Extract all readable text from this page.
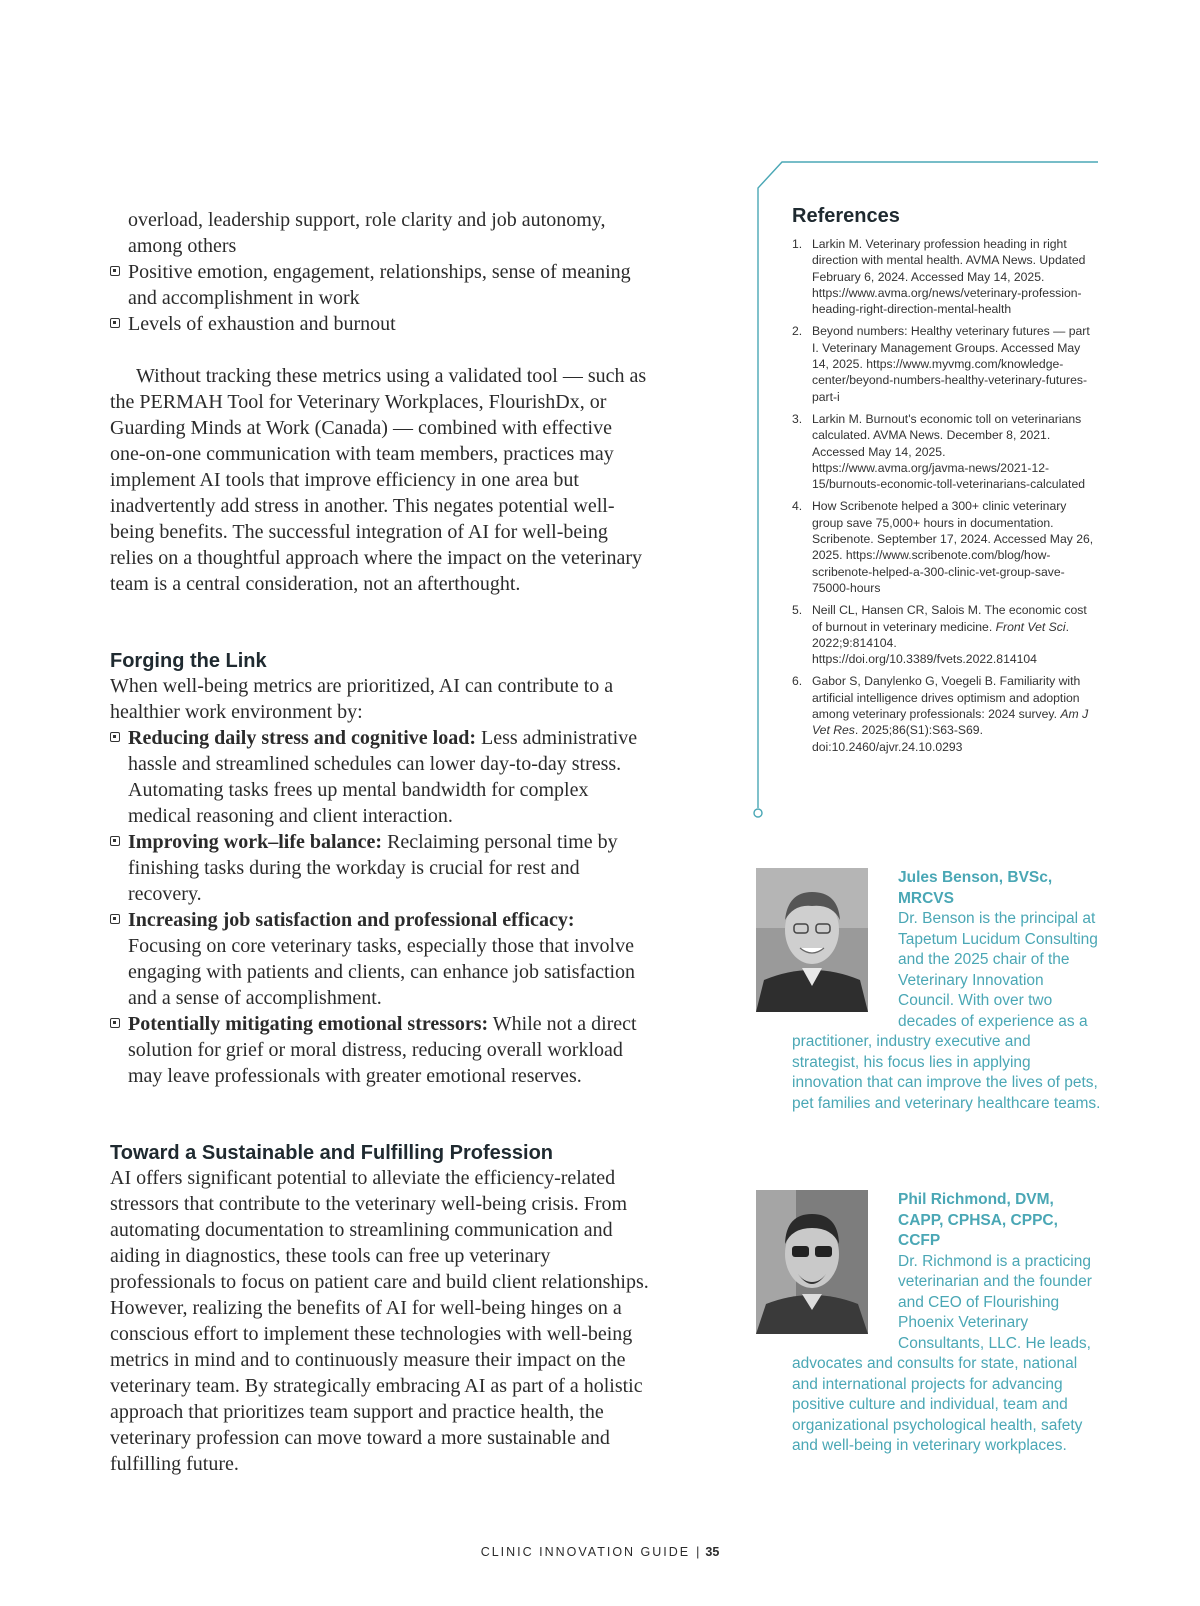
overload, leadership support, role clarity and job autonomy, among others

Positive emotion, engagement, relationships, sense of meaning and accomplishment in work
Levels of exhaustion and burnout

Without tracking these metrics using a validated tool — such as the PERMAH Tool for Veterinary Workplaces, FlourishDx, or Guarding Minds at Work (Canada) — combined with effective one-on-one communication with team members, practices may implement AI tools that improve efficiency in one area but inadvertently add stress in another. This negates potential well-being benefits. The successful integration of AI for well-being relies on a thoughtful approach where the impact on the veterinary team is a central consideration, not an afterthought.

Forging the Link

When well-being metrics are prioritized, AI can contribute to a healthier work environment by:

Reducing daily stress and cognitive load: Less administrative hassle and streamlined schedules can lower day-to-day stress. Automating tasks frees up mental bandwidth for complex medical reasoning and client interaction.
Improving work–life balance: Reclaiming personal time by finishing tasks during the workday is crucial for rest and recovery.
Increasing job satisfaction and professional efficacy: Focusing on core veterinary tasks, especially those that involve engaging with patients and clients, can enhance job satisfaction and a sense of accomplishment.
Potentially mitigating emotional stressors: While not a direct solution for grief or moral distress, reducing overall workload may leave professionals with greater emotional reserves.
Toward a Sustainable and Fulfilling Profession

AI offers significant potential to alleviate the efficiency-related stressors that contribute to the veterinary well-being crisis. From automating documentation to streamlining communication and aiding in diagnostics, these tools can free up veterinary professionals to focus on patient care and build client relationships. However, realizing the benefits of AI for well-being hinges on a conscious effort to implement these technologies with well-being metrics in mind and to continuously measure their impact on the veterinary team. By strategically embracing AI as part of a holistic approach that prioritizes team support and practice health, the veterinary profession can move toward a more sustainable and fulfilling future.

References
1. Larkin M. Veterinary profession heading in right direction with mental health. AVMA News. Updated February 6, 2024. Accessed May 14, 2025. https://www.avma.org/news/veterinary-profession-heading-right-direction-mental-health
2. Beyond numbers: Healthy veterinary futures — part I. Veterinary Management Groups. Accessed May 14, 2025. https://www.myvmg.com/knowledge-center/beyond-numbers-healthy-veterinary-futures-part-i
3. Larkin M. Burnout's economic toll on veterinarians calculated. AVMA News. December 8, 2021. Accessed May 14, 2025. https://www.avma.org/javma-news/2021-12-15/burnouts-economic-toll-veterinarians-calculated
4. How Scribenote helped a 300+ clinic veterinary group save 75,000+ hours in documentation. Scribenote. September 17, 2024. Accessed May 26, 2025. https://www.scribenote.com/blog/how-scribenote-helped-a-300-clinic-vet-group-save-75000-hours
5. Neill CL, Hansen CR, Salois M. The economic cost of burnout in veterinary medicine. Front Vet Sci. 2022;9:814104. https://doi.org/10.3389/fvets.2022.814104
6. Gabor S, Danylenko G, Voegeli B. Familiarity with artificial intelligence drives optimism and adoption among veterinary professionals: 2024 survey. Am J Vet Res. 2025;86(S1):S63-S69. doi:10.2460/ajvr.24.10.0293
Jules Benson, BVSc, MRCVS
Dr. Benson is the principal at Tapetum Lucidum Consulting and the 2025 chair of the Veterinary Innovation Council. With over two decades of experience as a practitioner, industry executive and strategist, his focus lies in applying innovation that can improve the lives of pets, pet families and veterinary healthcare teams.
Phil Richmond, DVM, CAPP, CPHSA, CPPC, CCFP
Dr. Richmond is a practicing veterinarian and the founder and CEO of Flourishing Phoenix Veterinary Consultants, LLC. He leads, advocates and consults for state, national and international projects for advancing positive culture and individual, team and organizational psychological health, safety and well-being in veterinary workplaces.
CLINIC INNOVATION GUIDE | 35
